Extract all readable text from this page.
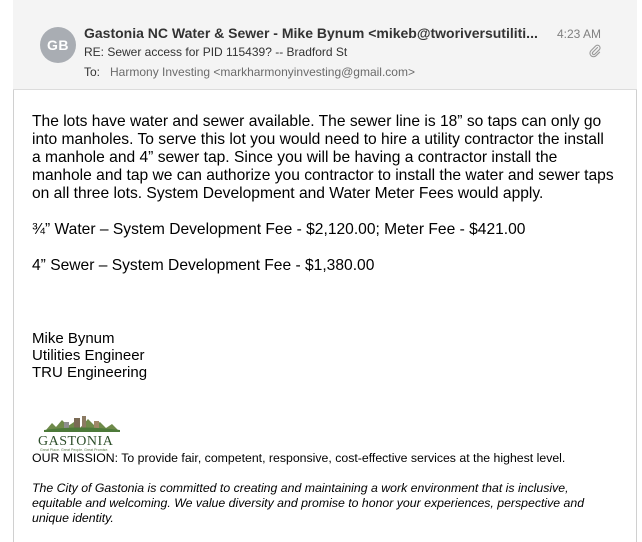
GB
Gastonia NC Water & Sewer - Mike Bynum <mikeb@tworiversutiliti...	4:23 AM
RE: Sewer access for PID 115439? -- Bradford St
To: Harmony Investing <markharmonyinvesting@gmail.com>

The lots have water and sewer available. The sewer line is 18” so taps can only go into manholes. To serve this lot you would need to hire a utility contractor the install a manhole and 4” sewer tap. Since you will be having a contractor install the manhole and tap we can authorize you contractor to install the water and sewer taps on all three lots. System Development and Water Meter Fees would apply.

¾” Water – System Development Fee - $2,120.00; Meter Fee - $421.00

4” Sewer – System Development Fee - $1,380.00

Mike Bynum
Utilities Engineer
TRU Engineering
GASTONIA
Great Place. Great People. Great Promise.
OUR MISSION: To provide fair, competent, responsive, cost-effective services at the highest level.
The City of Gastonia is committed to creating and maintaining a work environment that is inclusive, equitable and welcoming. We value diversity and promise to honor your experiences, perspective and unique identity.
